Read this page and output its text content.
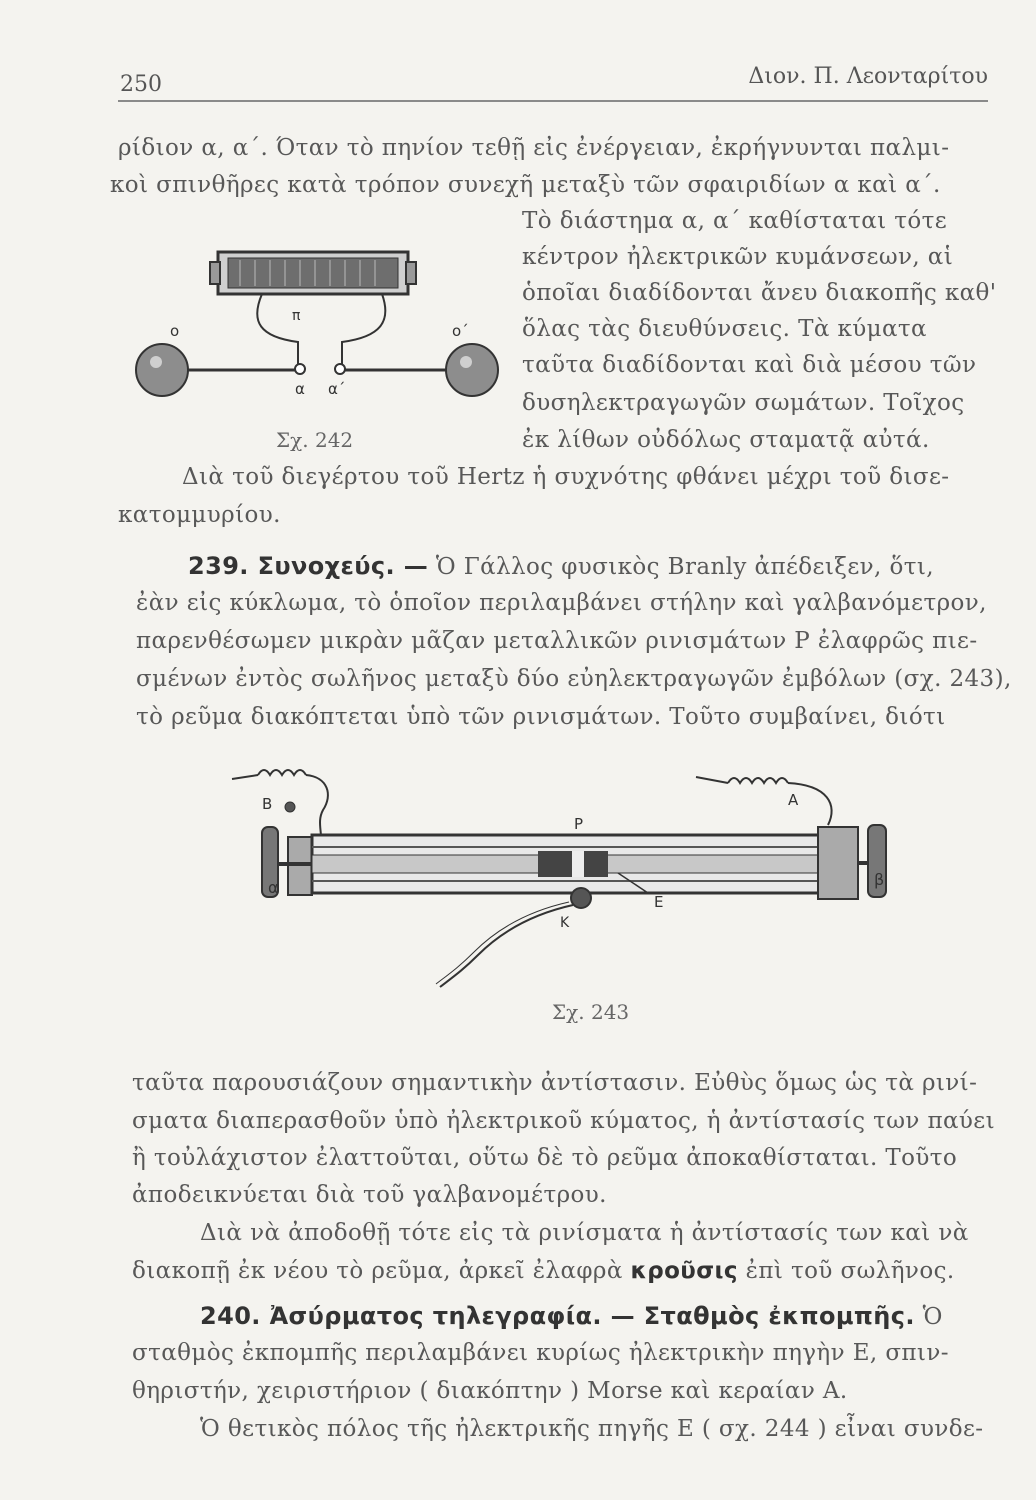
250	Διον. Π. Λεονταρίτου
ρίδιον α, α΄. Όταν τὸ πηνίον τεθῇ εἰς ἐνέργειαν, ἐκρήγνυνται παλμι-
κοὶ σπινθῆρες κατὰ τρόπον συνεχῆ μεταξὺ τῶν σφαιριδίων α καὶ α΄.
Τὸ διάστημα α, α΄ καθίσταται τότε
κέντρον ἠλεκτρικῶν κυμάνσεων, αἱ
ὁποῖαι διαδίδονται ἄνευ διακοπῆς καθ'
ὅλας τὰς διευθύνσεις. Τὰ κύματα
ταῦτα διαδίδονται καὶ διὰ μέσου τῶν
δυσηλεκτραγωγῶν σωμάτων. Τοῖχος
ἐκ λίθων οὐδόλως σταματᾷ αὐτά.
Διὰ τοῦ διεγέρτου τοῦ Hertz ἡ συχνότης φθάνει μέχρι τοῦ δισε-
κατομμυρίου.
π
ο	ο΄
α α΄
Σχ. 242
239. Συνοχεύς. — Ὁ Γάλλος φυσικὸς Branly ἀπέδειξεν, ὅτι,
ἐὰν εἰς κύκλωμα, τὸ ὁποῖον περιλαμβάνει στήλην καὶ γαλβανόμετρον,
παρενθέσωμεν μικρὰν μᾶζαν μεταλλικῶν ρινισμάτων Ρ ἐλαφρῶς πιε-
σμένων ἐντὸς σωλῆνος μεταξὺ δύο εὐηλεκτραγωγῶν ἐμβόλων (σχ. 243),
τὸ ρεῦμα διακόπτεται ὑπὸ τῶν ρινισμάτων. Τοῦτο συμβαίνει, διότι
Β	Α
Ρ
α	β
Ε
Κ
Σχ. 243
ταῦτα παρουσιάζουν σημαντικὴν ἀντίστασιν. Εὐθὺς ὅμως ὡς τὰ ρινί-
σματα διαπερασθοῦν ὑπὸ ἠλεκτρικοῦ κύματος, ἡ ἀντίστασίς των παύει
ἢ τοὐλάχιστον ἐλαττοῦται, οὕτω δὲ τὸ ρεῦμα ἀποκαθίσταται. Τοῦτο
ἀποδεικνύεται διὰ τοῦ γαλβανομέτρου.
Διὰ νὰ ἀποδοθῇ τότε εἰς τὰ ρινίσματα ἡ ἀντίστασίς των καὶ νὰ
διακοπῇ ἐκ νέου τὸ ρεῦμα, ἀρκεῖ ἐλαφρὰ κροῦσις ἐπὶ τοῦ σωλῆνος.
240. Ἀσύρματος τηλεγραφία. — Σταθμὸς ἐκπομπῆς. Ὁ
σταθμὸς ἐκπομπῆς περιλαμβάνει κυρίως ἠλεκτρικὴν πηγὴν Ε, σπιν-
θηριστήν, χειριστήριον ( διακόπτην ) Morse καὶ κεραίαν Α.
Ὁ θετικὸς πόλος τῆς ἠλεκτρικῆς πηγῆς Ε ( σχ. 244 ) εἶναι συνδε-
